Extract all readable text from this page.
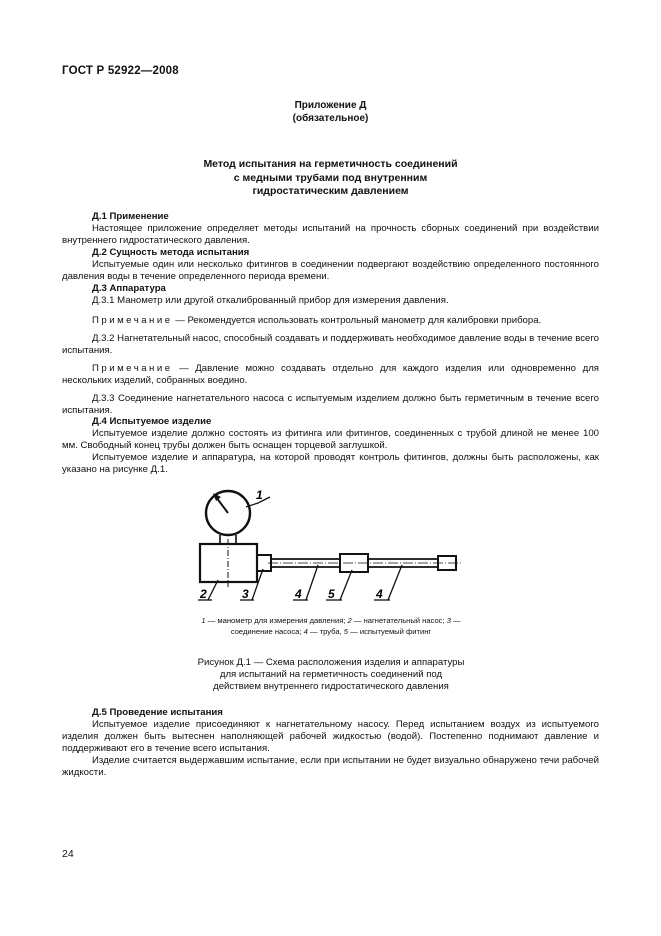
ГОСТ Р 52922—2008
Приложение Д
(обязательное)
Метод испытания на герметичность соединений
с медными трубами под внутренним
гидростатическим давлением
Д.1 Применение
Настоящее приложение определяет методы испытаний на прочность сборных соединений при воздействии внутреннего гидростатического давления.
Д.2 Сущность метода испытания
Испытуемые один или несколько фитингов в соединении подвергают воздействию определенного постоянного давления воды в течение определенного периода времени.
Д.3 Аппаратура
Д.3.1 Манометр или другой откалиброванный прибор для измерения давления.
Примечание — Рекомендуется использовать контрольный манометр для калибровки прибора.
Д.3.2 Нагнетательный насос, способный создавать и поддерживать необходимое давление воды в течение всего испытания.
Примечание — Давление можно создавать отдельно для каждого изделия или одновременно для нескольких изделий, собранных воедино.
Д.3.3 Соединение нагнетательного насоса с испытуемым изделием должно быть герметичным в течение всего испытания.
Д.4 Испытуемое изделие
Испытуемое изделие должно состоять из фитинга или фитингов, соединенных с трубой длиной не менее 100 мм. Свободный конец трубы должен быть оснащен торцевой заглушкой.
Испытуемое изделие и аппаратура, на которой проводят контроль фитингов, должны быть расположены, как указано на рисунке Д.1.
1
2	3	4 5	4
1 — манометр для измерения давления; 2 — нагнетательный насос; 3 — соединение насоса; 4 — труба, 5 — испытуемый фитинг
Рисунок Д.1 — Схема расположения изделия и аппаратуры для испытаний на герметичность соединений под действием внутреннего гидростатического давления
Д.5 Проведение испытания
Испытуемое изделие присоединяют к нагнетательному насосу. Перед испытанием воздух из испытуемого изделия должен быть вытеснен наполняющей рабочей жидкостью (водой). Постепенно поднимают давление и поддерживают его в течение всего испытания.
Изделие считается выдержавшим испытание, если при испытании не будет визуально обнаружено течи рабочей жидкости.
24
